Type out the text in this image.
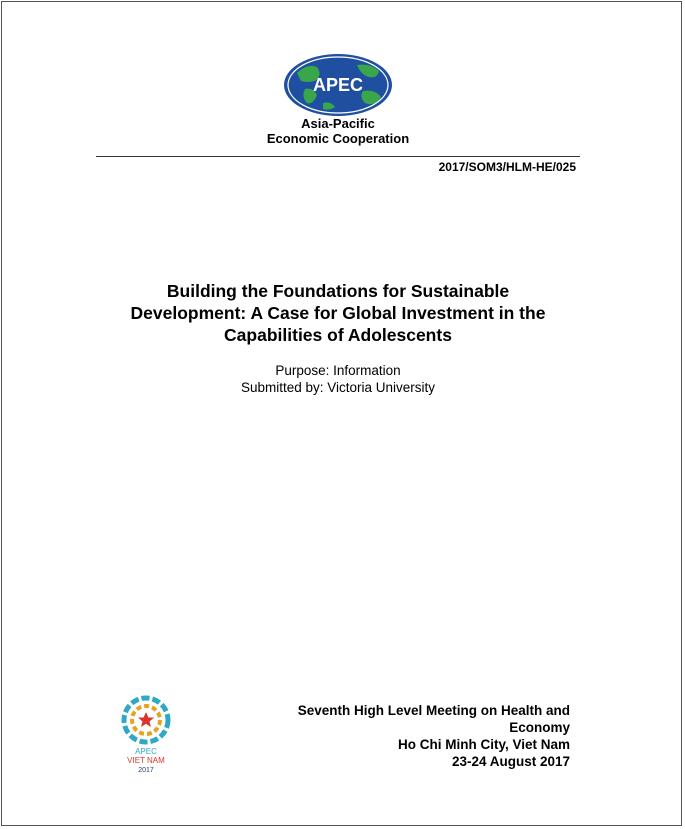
APEC
Asia-Pacific
Economic Cooperation
2017/SOM3/HLM-HE/025
Building the Foundations for Sustainable
Development: A Case for Global Investment in the
Capabilities of Adolescents
Purpose: Information
Submitted by: Victoria University
APEC
VIET NAM
2017
Seventh High Level Meeting on Health and
Economy
Ho Chi Minh City, Viet Nam
23-24 August 2017
